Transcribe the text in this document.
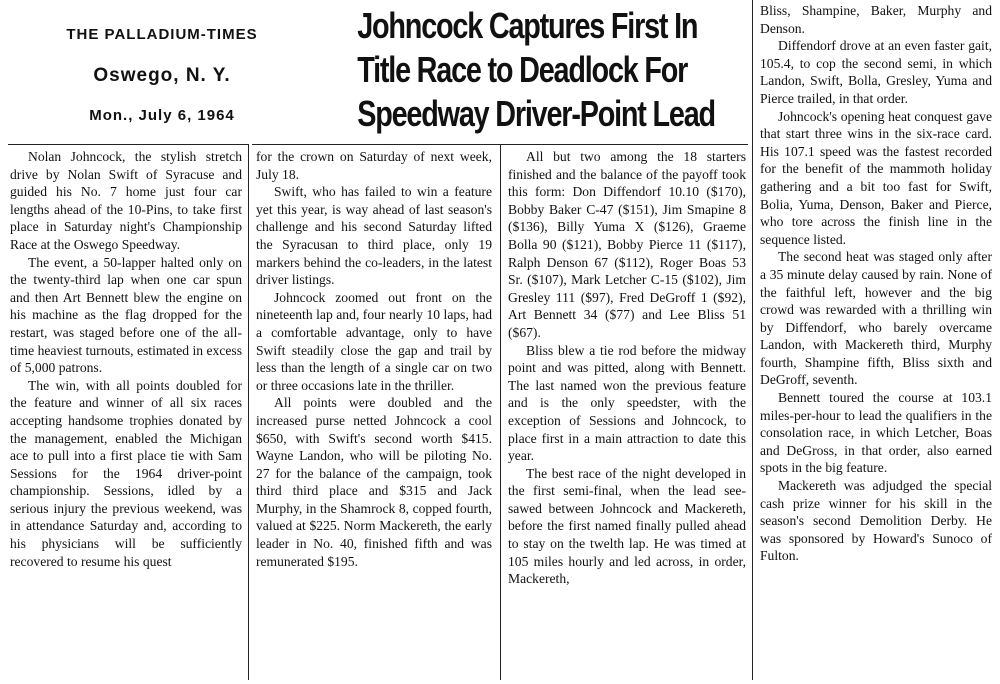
THE PALLADIUM-TIMES
Oswego, N. Y.
Mon., July 6, 1964
Johncock Captures First In
Title Race to Deadlock For
Speedway Driver-Point Lead

Nolan Johncock, the stylish stretch drive by Nolan Swift of Syracuse and guided his No. 7 home just four car lengths ahead of the 10-Pins, to take first place in Saturday night's Championship Race at the Oswego Speedway.

The event, a 50-lapper halted only on the twenty-third lap when one car spun and then Art Bennett blew the engine on his machine as the flag dropped for the restart, was staged before one of the all-time heaviest turnouts, estimated in excess of 5,000 patrons.

The win, with all points doubled for the feature and winner of all six races accepting handsome trophies donated by the management, enabled the Michigan ace to pull into a first place tie with Sam Sessions for the 1964 driver-point championship. Sessions, idled by a serious injury the previous weekend, was in attendance Saturday and, according to his physicians will be sufficiently recovered to resume his quest

for the crown on Saturday of next week, July 18.

Swift, who has failed to win a feature yet this year, is way ahead of last season's challenge and his second Saturday lifted the Syracusan to third place, only 19 markers behind the co-leaders, in the latest driver listings.

Johncock zoomed out front on the nineteenth lap and, four nearly 10 laps, had a comfortable advantage, only to have Swift steadily close the gap and trail by less than the length of a single car on two or three occasions late in the thriller.

All points were doubled and the increased purse netted Johncock a cool $650, with Swift's second worth $415. Wayne Landon, who will be piloting No. 27 for the balance of the campaign, took third third place and $315 and Jack Murphy, in the Shamrock 8, copped fourth, valued at $225. Norm Mackereth, the early leader in No. 40, finished fifth and was remunerated $195.

All but two among the 18 starters finished and the balance of the payoff took this form: Don Diffendorf 10.10 ($170), Bobby Baker C-47 ($151), Jim Smapine 8 ($136), Billy Yuma X ($126), Graeme Bolla 90 ($121), Bobby Pierce 11 ($117), Ralph Denson 67 ($112), Roger Boas 53 Sr. ($107), Mark Letcher C-15 ($102), Jim Gresley 111 ($97), Fred DeGroff 1 ($92), Art Bennett 34 ($77) and Lee Bliss 51 ($67).

Bliss blew a tie rod before the midway point and was pitted, along with Bennett. The last named won the previous feature and is the only speedster, with the exception of Sessions and Johncock, to place first in a main attraction to date this year.

The best race of the night developed in the first semi-final, when the lead see-sawed between Johncock and Mackereth, before the first named finally pulled ahead to stay on the twelth lap. He was timed at 105 miles hourly and led across, in order, Mackereth,

Bliss, Shampine, Baker, Murphy and Denson.

Diffendorf drove at an even faster gait, 105.4, to cop the second semi, in which Landon, Swift, Bolla, Gresley, Yuma and Pierce trailed, in that order.

Johncock's opening heat conquest gave that start three wins in the six-race card. His 107.1 speed was the fastest recorded for the benefit of the mammoth holiday gathering and a bit too fast for Swift, Bolia, Yuma, Denson, Baker and Pierce, who tore across the finish line in the sequence listed.

The second heat was staged only after a 35 minute delay caused by rain. None of the faithful left, however and the big crowd was rewarded with a thrilling win by Diffendorf, who barely overcame Landon, with Mackereth third, Murphy fourth, Shampine fifth, Bliss sixth and DeGroff, seventh.

Bennett toured the course at 103.1 miles-per-hour to lead the qualifiers in the consolation race, in which Letcher, Boas and DeGross, in that order, also earned spots in the big feature.

Mackereth was adjudged the special cash prize winner for his skill in the season's second Demolition Derby. He was sponsored by Howard's Sunoco of Fulton.
